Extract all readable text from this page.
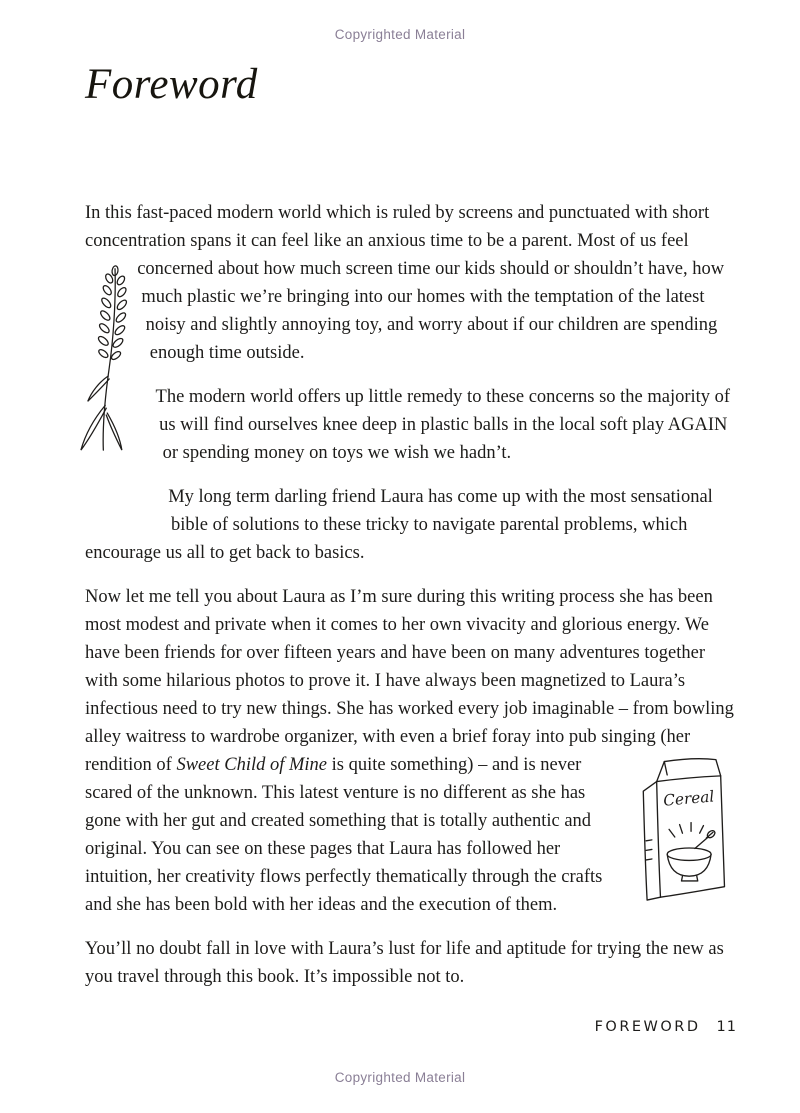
Copyrighted Material
Foreword

In this fast-paced modern world which is ruled by screens and punctuated with short concentration spans it can feel like an anxious time to be a parent. Most of us feel concerned about how much screen time our kids should or shouldn’t have, how much plastic we’re bringing into our homes with the temptation of the latest noisy and slightly annoying toy, and worry about if our children are spending enough time outside.

The modern world offers up little remedy to these concerns so the majority of us will find ourselves knee deep in plastic balls in the local soft play AGAIN or spending money on toys we wish we hadn’t.

My long term darling friend Laura has come up with the most sensational bible of solutions to these tricky to navigate parental problems, which encourage us all to get back to basics.

Cereal
Now let me tell you about Laura as I’m sure during this writing process she has been most modest and private when it comes to her own vivacity and glorious energy. We have been friends for over fifteen years and have been on many adventures together with some hilarious photos to prove it. I have always been magnetized to Laura’s infectious need to try new things. She has worked every job imaginable – from bowling alley waitress to wardrobe organizer, with even a brief foray into pub singing (her rendition of Sweet Child of Mine is quite something) – and is never scared of the unknown. This latest venture is no different as she has gone with her gut and created something that is totally authentic and original. You can see on these pages that Laura has followed her intuition, her creativity flows perfectly thematically through the crafts and she has been bold with her ideas and the execution of them.

You’ll no doubt fall in love with Laura’s lust for life and aptitude for trying the new as you travel through this book. It’s impossible not to.

FOREWORD 11
Copyrighted Material
